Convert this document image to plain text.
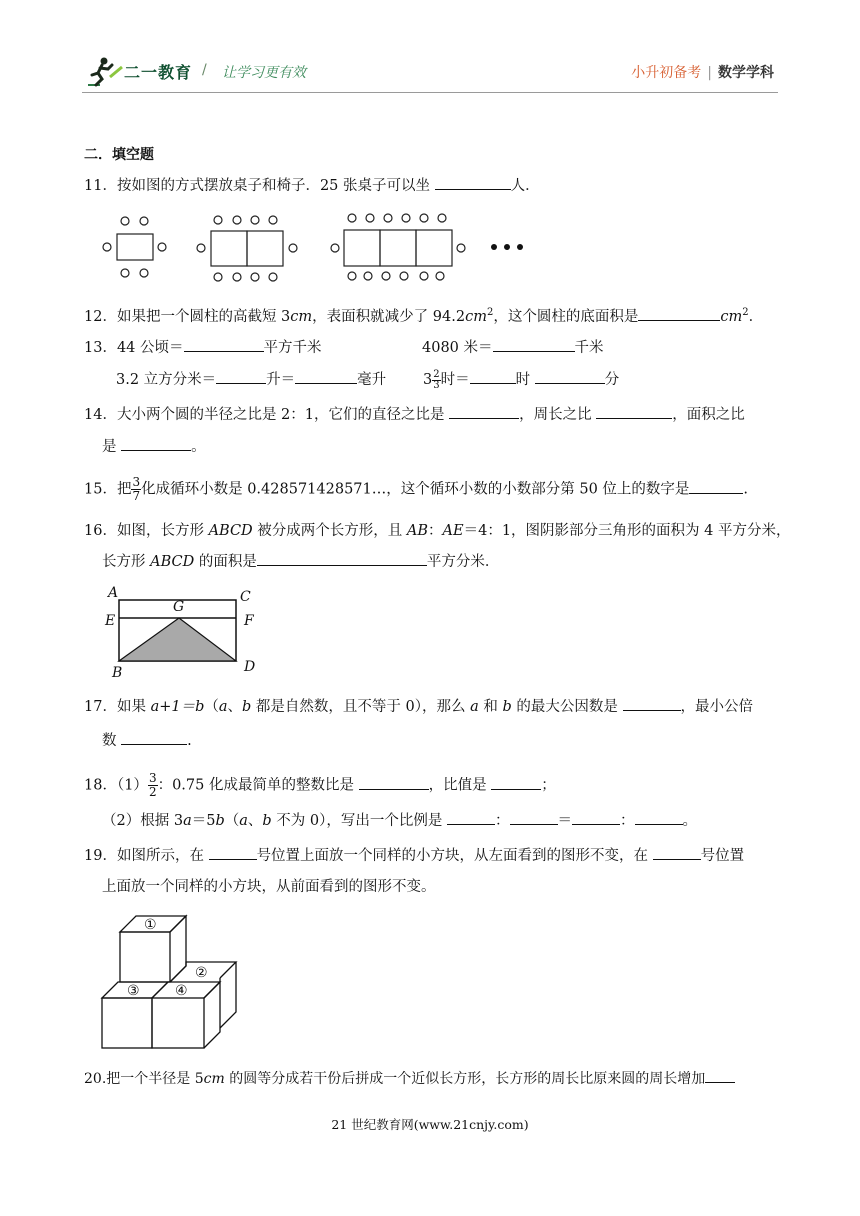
二一教育 / 让学习更有效	小升初备考 | 数学学科
二．填空题
11．按如图的方式摆放桌子和椅子．25 张桌子可以坐	人．
12．如果把一个圆柱的高截短 3cm，表面积就减少了 $94.2cm^2$，这个圆柱的底面积是	$cm^2$．
13．44 公顷＝	平方千米	4080 米＝	千米
3.2 立方分米＝	升＝	毫升	$3 \frac{2}{3}$ 时＝	时	分
14．大小两个圆的半径之比是 2：1，它们的直径之比是	，周长之比	，面积之比
是	。
15．把 $\frac{3}{7}$ 化成循环小数是 0.428571428571…，这个循环小数的小数部分第 50 位上的数字是	.
16．如图，长方形 ABCD 被分成两个长方形，且 AB：AE＝4：1，图阴影部分三角形的面积为 4 平方分米，
长方形 ABCD 的面积是	平方分米．
A	C
G
E	F
B	D
17．如果 a+1＝b（a、b 都是自然数，且不等于 0），那么 a 和 b 的最大公因数是	，最小公倍
数	.
18．$(1) \frac{3}{2}$ ：0.75 化成最简单的整数比是	，比值是	；
（2）根据 3a＝5b（a、b 不为 0），写出一个比例是	：	＝	：	。
19．如图所示，在	号位置上面放一个同样的小方块，从左面看到的图形不变，在	号位置
上面放一个同样的小方块，从前面看到的图形不变。
①
②
③	④
20.把一个半径是 5cm 的圆等分成若干份后拼成一个近似长方形，长方形的周长比原来圆的周长增加
21 世纪教育网(www.21cnjy.com)
